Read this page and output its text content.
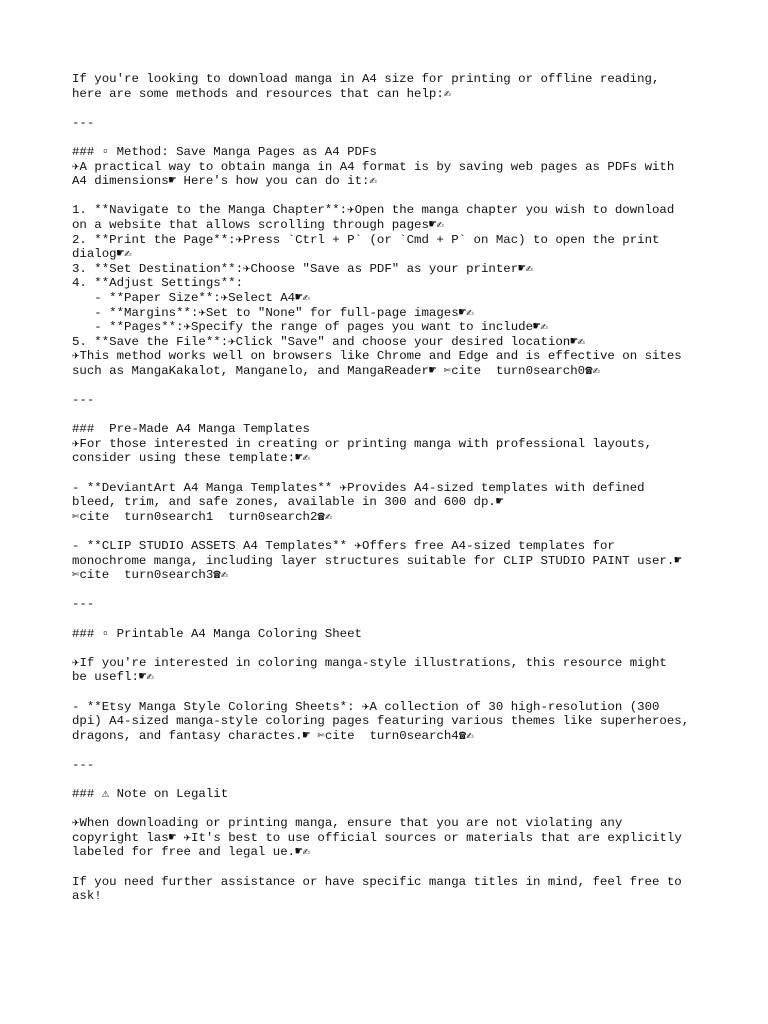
If you're looking to download manga in A4 size for printing or offline reading,
here are some methods and resources that can help:✍
---
### ▫ Method: Save Manga Pages as A4 PDFs
✈A practical way to obtain manga in A4 format is by saving web pages as PDFs with
A4 dimensions☛ Here's how you can do it:✍
1. **Navigate to the Manga Chapter**:✈Open the manga chapter you wish to download
on a website that allows scrolling through pages☛✍
2. **Print the Page**:✈Press `Ctrl + P` (or `Cmd + P` on Mac) to open the print
dialog☛✍
3. **Set Destination**:✈Choose "Save as PDF" as your printer☛✍
4. **Adjust Settings**:
- **Paper Size**:✈Select A4☛✍
- **Margins**:✈Set to "None" for full-page images☛✍
- **Pages**:✈Specify the range of pages you want to include☛✍
5. **Save the File**:✈Click "Save" and choose your desired location☛✍
✈This method works well on browsers like Chrome and Edge and is effective on sites
such as MangaKakalot, Manganelo, and MangaReader☛ ✄cite  turn0search0☎✍
---
###  Pre-Made A4 Manga Templates
✈For those interested in creating or printing manga with professional layouts,
consider using these template:☛✍
- **DeviantArt A4 Manga Templates** ✈Provides A4-sized templates with defined
bleed, trim, and safe zones, available in 300 and 600 dp.☛
✄cite  turn0search1  turn0search2☎✍
- **CLIP STUDIO ASSETS A4 Templates** ✈Offers free A4-sized templates for
monochrome manga, including layer structures suitable for CLIP STUDIO PAINT user.☛
✄cite  turn0search3☎✍
---
### ▫ Printable A4 Manga Coloring Sheet
✈If you're interested in coloring manga-style illustrations, this resource might
be usefl:☛✍
- **Etsy Manga Style Coloring Sheets*: ✈A collection of 30 high-resolution (300
dpi) A4-sized manga-style coloring pages featuring various themes like superheroes,
dragons, and fantasy charactes.☛ ✄cite  turn0search4☎✍
---
### ⚠ Note on Legalit
✈When downloading or printing manga, ensure that you are not violating any
copyright las☛ ✈It's best to use official sources or materials that are explicitly
labeled for free and legal ue.☛✍
If you need further assistance or have specific manga titles in mind, feel free to
ask!
